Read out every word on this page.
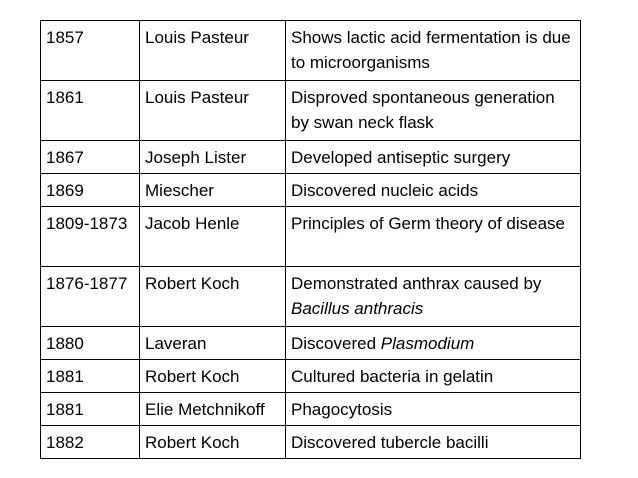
1857	Louis Pasteur	Shows lactic acid fermentation is due to microorganisms
1861	Louis Pasteur	Disproved spontaneous generation by swan neck flask
1867	Joseph Lister	Developed antiseptic surgery
1869	Miescher	Discovered nucleic acids
1809-1873	Jacob Henle	Principles of Germ theory of disease
1876-1877	Robert Koch	Demonstrated anthrax caused by Bacillus anthracis
1880	Laveran	Discovered Plasmodium
1881	Robert Koch	Cultured bacteria in gelatin
1881	Elie Metchnikoff	Phagocytosis
1882	Robert Koch	Discovered tubercle bacilli
